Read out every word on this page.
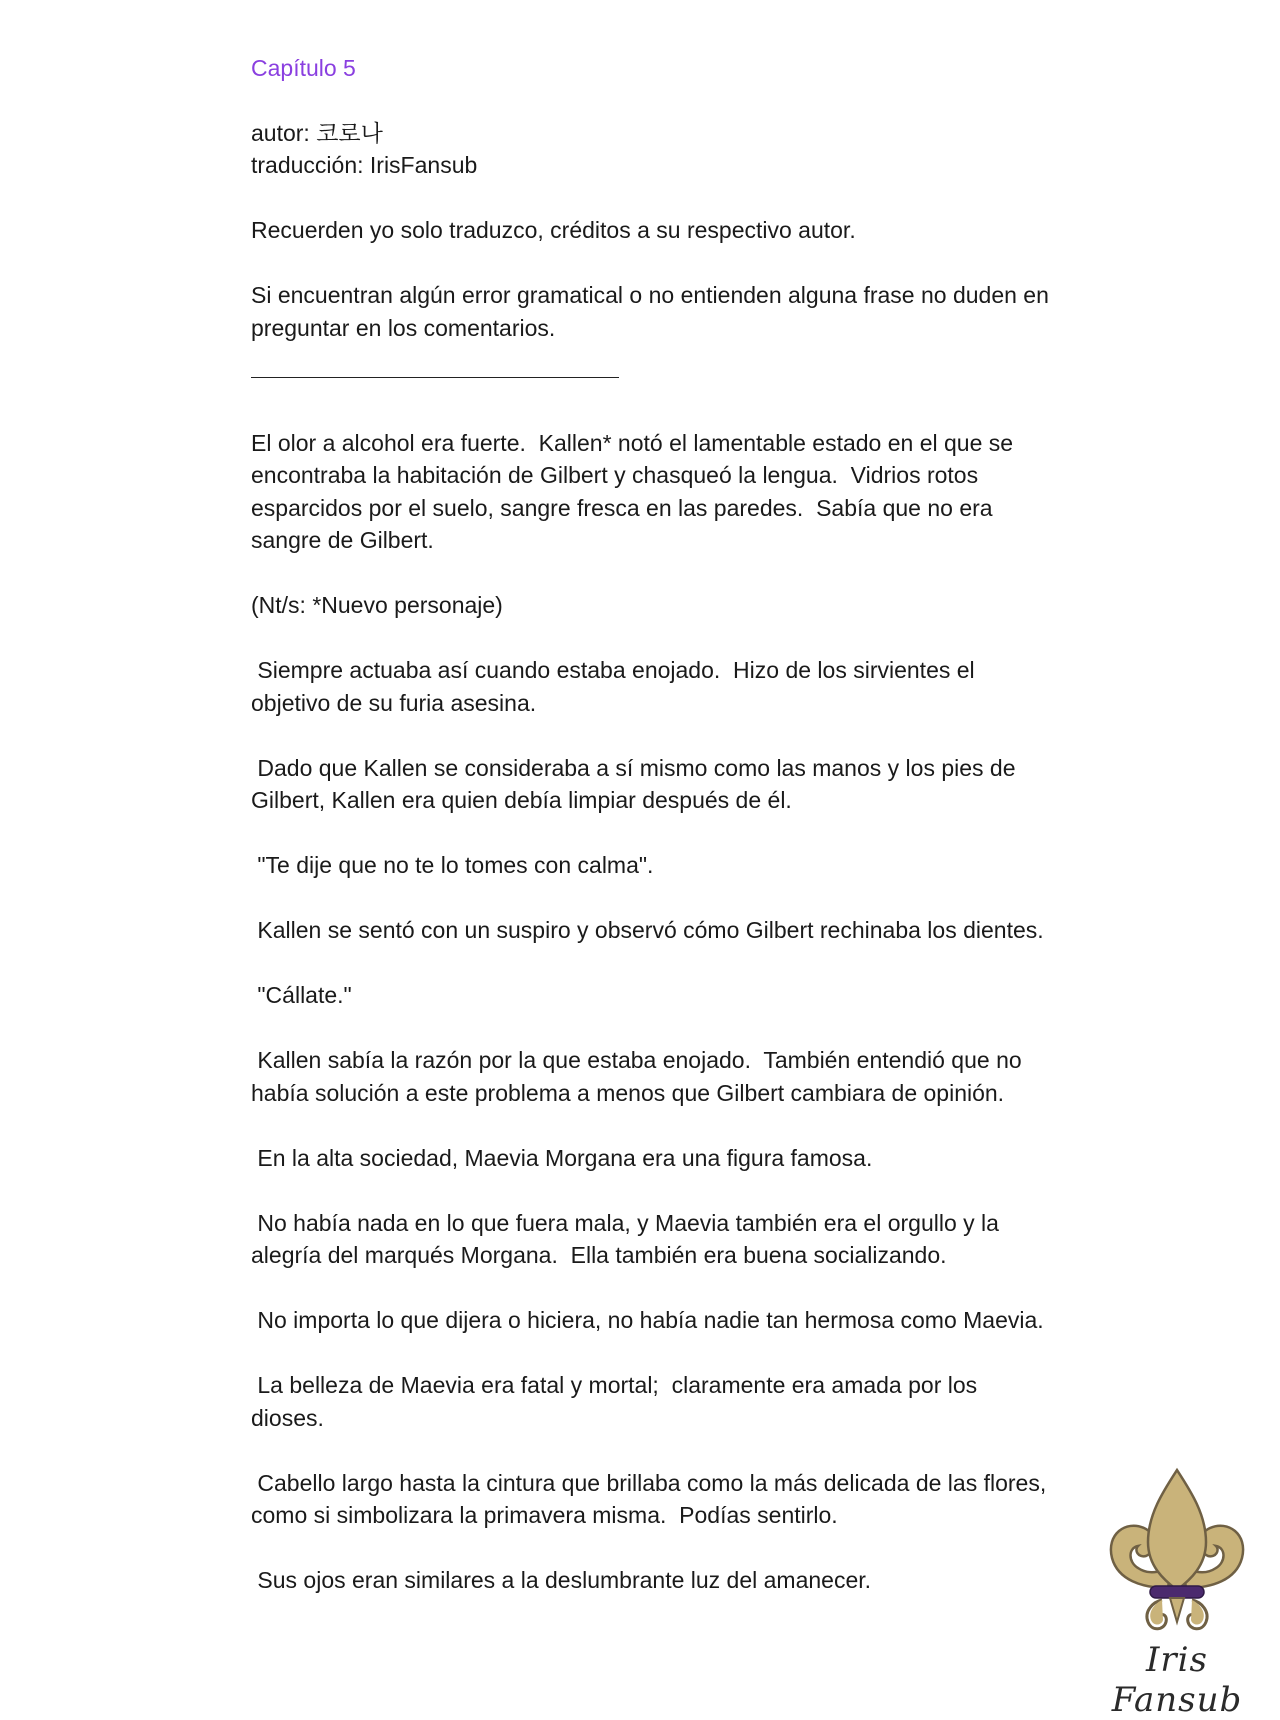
Capítulo 5

autor: 코로나

traducción: IrisFansub

Recuerden yo solo traduzco, créditos a su respectivo autor.

Si encuentran algún error gramatical o no entienden alguna frase no duden en preguntar en los comentarios.

El olor a alcohol era fuerte.  Kallen* notó el lamentable estado en el que se encontraba la habitación de Gilbert y chasqueó la lengua.  Vidrios rotos esparcidos por el suelo, sangre fresca en las paredes.  Sabía que no era sangre de Gilbert.

(Nt/s: *Nuevo personaje)

Siempre actuaba así cuando estaba enojado.  Hizo de los sirvientes el objetivo de su furia asesina.

Dado que Kallen se consideraba a sí mismo como las manos y los pies de Gilbert, Kallen era quien debía limpiar después de él.

"Te dije que no te lo tomes con calma".

Kallen se sentó con un suspiro y observó cómo Gilbert rechinaba los dientes.

"Cállate."

Kallen sabía la razón por la que estaba enojado.  También entendió que no había solución a este problema a menos que Gilbert cambiara de opinión.

En la alta sociedad, Maevia Morgana era una figura famosa.

No había nada en lo que fuera mala, y Maevia también era el orgullo y la alegría del marqués Morgana.  Ella también era buena socializando.

No importa lo que dijera o hiciera, no había nadie tan hermosa como Maevia.

La belleza de Maevia era fatal y mortal;  claramente era amada por los dioses.

Cabello largo hasta la cintura que brillaba como la más delicada de las flores, como si simbolizara la primavera misma.  Podías sentirlo.

Sus ojos eran similares a la deslumbrante luz del amanecer.

Iris Fansub
